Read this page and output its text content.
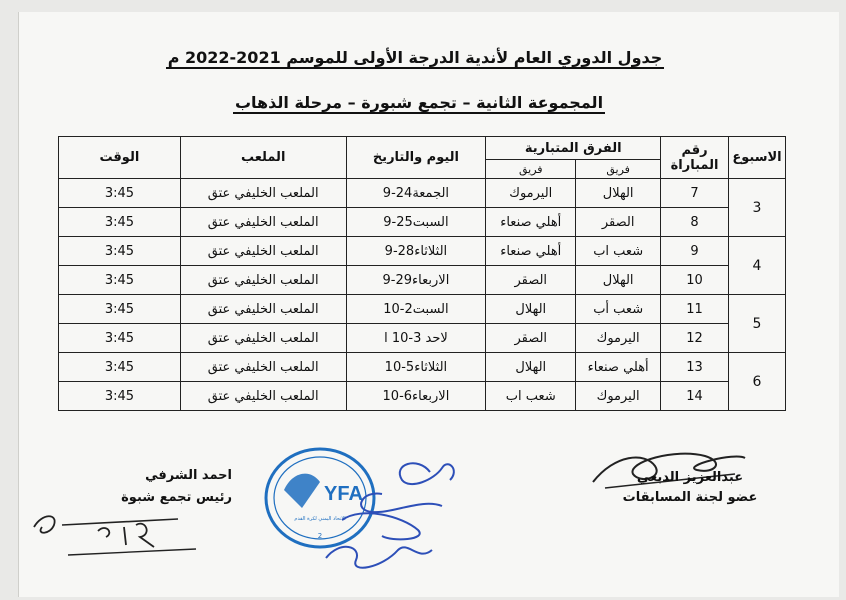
جدول الدوري العام لأندية الدرجة الأولى للموسم 2021-2022 م
المجموعة الثانية – تجمع شبورة – مرحلة الذهاب
الاسبوع	رقم المباراة	الفرق المتبارية		اليوم والتاريخ	الملعب	الوقت
		فريق	فريق			
3	7	الهلال	اليرموك	الجمعة24-9	الملعب الخليفي عتق	3:45
	8	الصقر	أهلي صنعاء	السبت25-9	الملعب الخليفي عتق	3:45
4	9	شعب اب	أهلي صنعاء	الثلاثاء28-9	الملعب الخليفي عتق	3:45
	10	الهلال	الصقر	الاربعاء29-9	الملعب الخليفي عتق	3:45
5	11	شعب أب	الهلال	السبت2-10	الملعب الخليفي عتق	3:45
	12	اليرموك	الصقر	لاحد 3-10 ا	الملعب الخليفي عتق	3:45
6	13	أهلي صنعاء	الهلال	الثلاثاء5-10	الملعب الخليفي عتق	3:45
	14	اليرموك	شعب اب	الاربعاء6-10	الملعب الخليفي عتق	3:45
عبدالعزيز الدبعي
عضو لجنة المسابقات
احمد الشرفي
رئيس تجمع شبوة	YFA
الاتحاد اليمني لكرة القدم
2
